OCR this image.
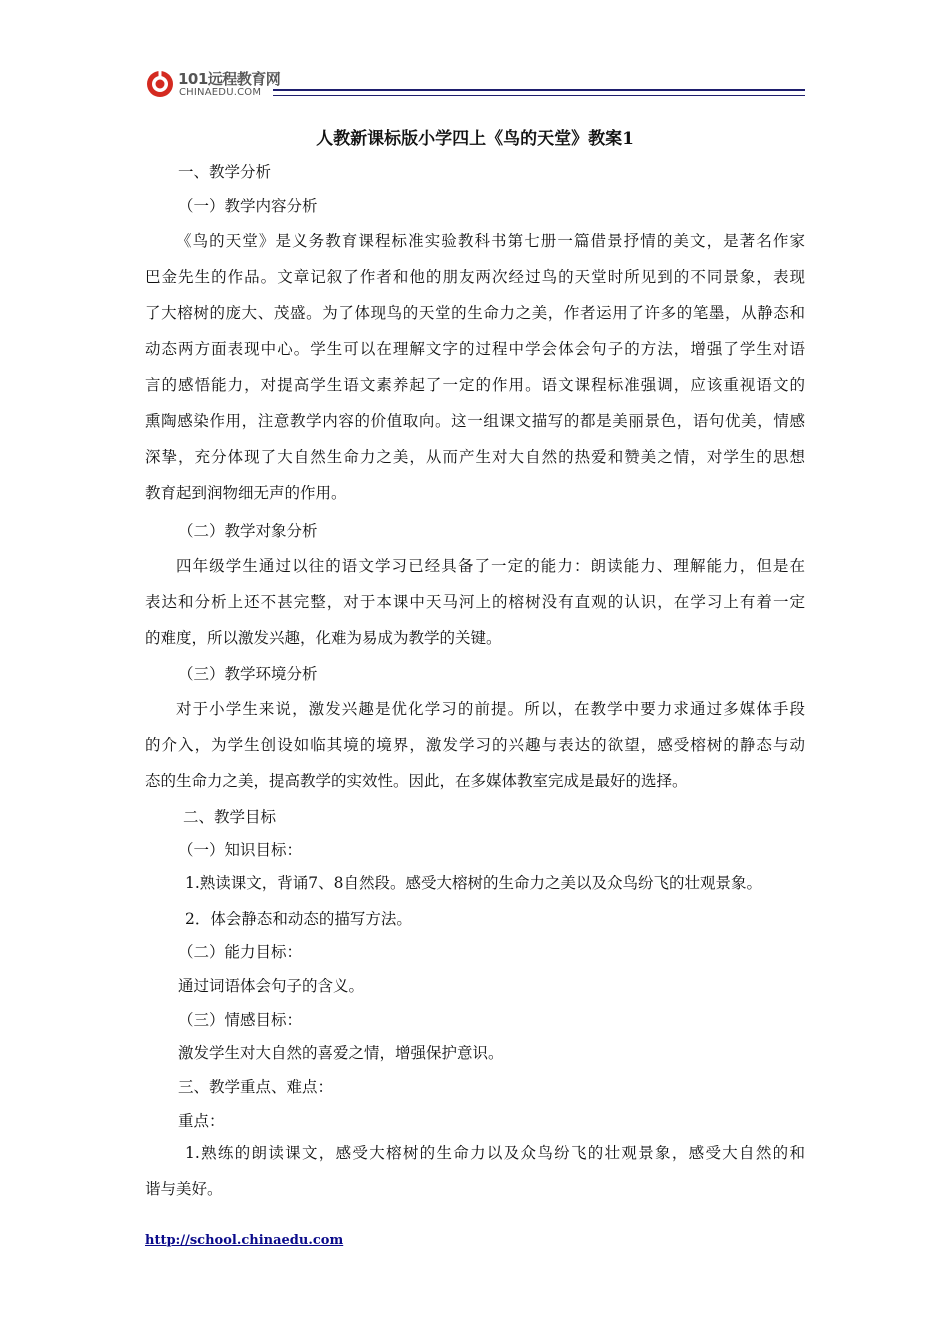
101远程教育网
CHINAEDU.COM
人教新课标版小学四上《鸟的天堂》教案1
一、教学分析
（一）教学内容分析
《鸟的天堂》是义务教育课程标准实验教科书第七册一篇借景抒情的美文，是著名作家
巴金先生的作品。文章记叙了作者和他的朋友两次经过鸟的天堂时所见到的不同景象，表现
了大榕树的庞大、茂盛。为了体现鸟的天堂的生命力之美，作者运用了许多的笔墨，从静态和
动态两方面表现中心。学生可以在理解文字的过程中学会体会句子的方法，增强了学生对语
言的感悟能力，对提高学生语文素养起了一定的作用。语文课程标准强调，应该重视语文的
熏陶感染作用，注意教学内容的价值取向。这一组课文描写的都是美丽景色，语句优美，情感
深挚，充分体现了大自然生命力之美，从而产生对大自然的热爱和赞美之情，对学生的思想
教育起到润物细无声的作用。
（二）教学对象分析
四年级学生通过以往的语文学习已经具备了一定的能力：朗读能力、理解能力，但是在
表达和分析上还不甚完整，对于本课中天马河上的榕树没有直观的认识，在学习上有着一定
的难度，所以激发兴趣，化难为易成为教学的关键。
（三）教学环境分析
对于小学生来说，激发兴趣是优化学习的前提。所以，在教学中要力求通过多媒体手段
的介入，为学生创设如临其境的境界，激发学习的兴趣与表达的欲望，感受榕树的静态与动
态的生命力之美，提高教学的实效性。因此，在多媒体教室完成是最好的选择。
二、教学目标
（一）知识目标：
1.熟读课文，背诵7、8自然段。感受大榕树的生命力之美以及众鸟纷飞的壮观景象。
2．体会静态和动态的描写方法。
（二）能力目标：
通过词语体会句子的含义。
（三）情感目标：
激发学生对大自然的喜爱之情，增强保护意识。
三、教学重点、难点：
重点：
1.熟练的朗读课文，感受大榕树的生命力以及众鸟纷飞的壮观景象，感受大自然的和
谐与美好。
http://school.chinaedu.com
